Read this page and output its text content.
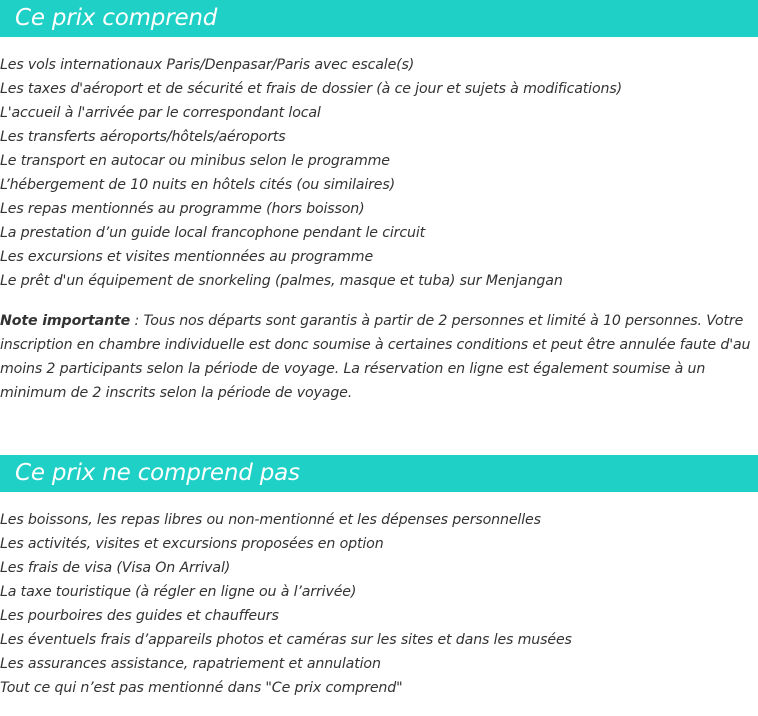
Ce prix comprend
Les vols internationaux Paris/Denpasar/Paris avec escale(s)
Les taxes d'aéroport et de sécurité et frais de dossier (à ce jour et sujets à modifications)
L'accueil à l'arrivée par le correspondant local
Les transferts aéroports/hôtels/aéroports
Le transport en autocar ou minibus selon le programme
L’hébergement de 10 nuits en hôtels cités (ou similaires)
Les repas mentionnés au programme (hors boisson)
La prestation d’un guide local francophone pendant le circuit
Les excursions et visites mentionnées au programme
Le prêt d'un équipement de snorkeling (palmes, masque et tuba) sur Menjangan

Note importante : Tous nos départs sont garantis à partir de 2 personnes et limité à 10 personnes. Votre inscription en chambre individuelle est donc soumise à certaines conditions et peut être annulée faute d'au moins 2 participants selon la période de voyage. La réservation en ligne est également soumise à un minimum de 2 inscrits selon la période de voyage.

Ce prix ne comprend pas
Les boissons, les repas libres ou non-mentionné et les dépenses personnelles
Les activités, visites et excursions proposées en option
Les frais de visa (Visa On Arrival)
La taxe touristique (à régler en ligne ou à l’arrivée)
Les pourboires des guides et chauffeurs
Les éventuels frais d’appareils photos et caméras sur les sites et dans les musées
Les assurances assistance, rapatriement et annulation
Tout ce qui n’est pas mentionné dans "Ce prix comprend"
